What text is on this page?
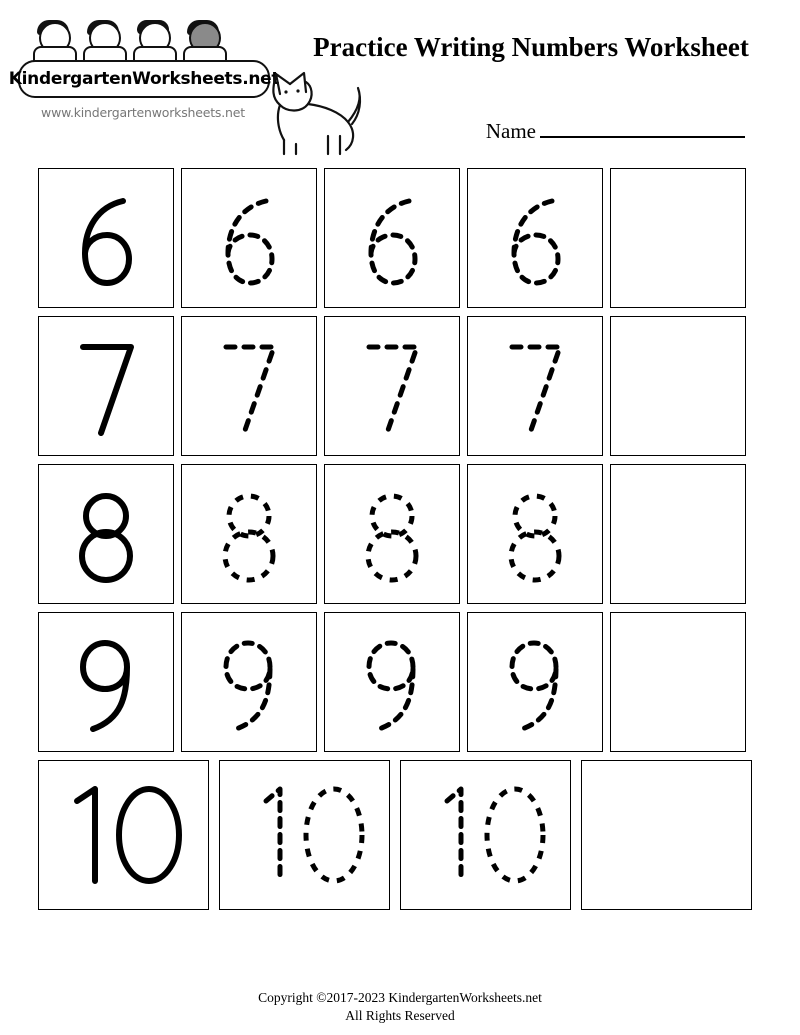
KindergartenWorksheets.net
www.kindergartenworksheets.net
Practice Writing Numbers Worksheet
Name
Copyright ©2017-2023 KindergartenWorksheets.net
All Rights Reserved
